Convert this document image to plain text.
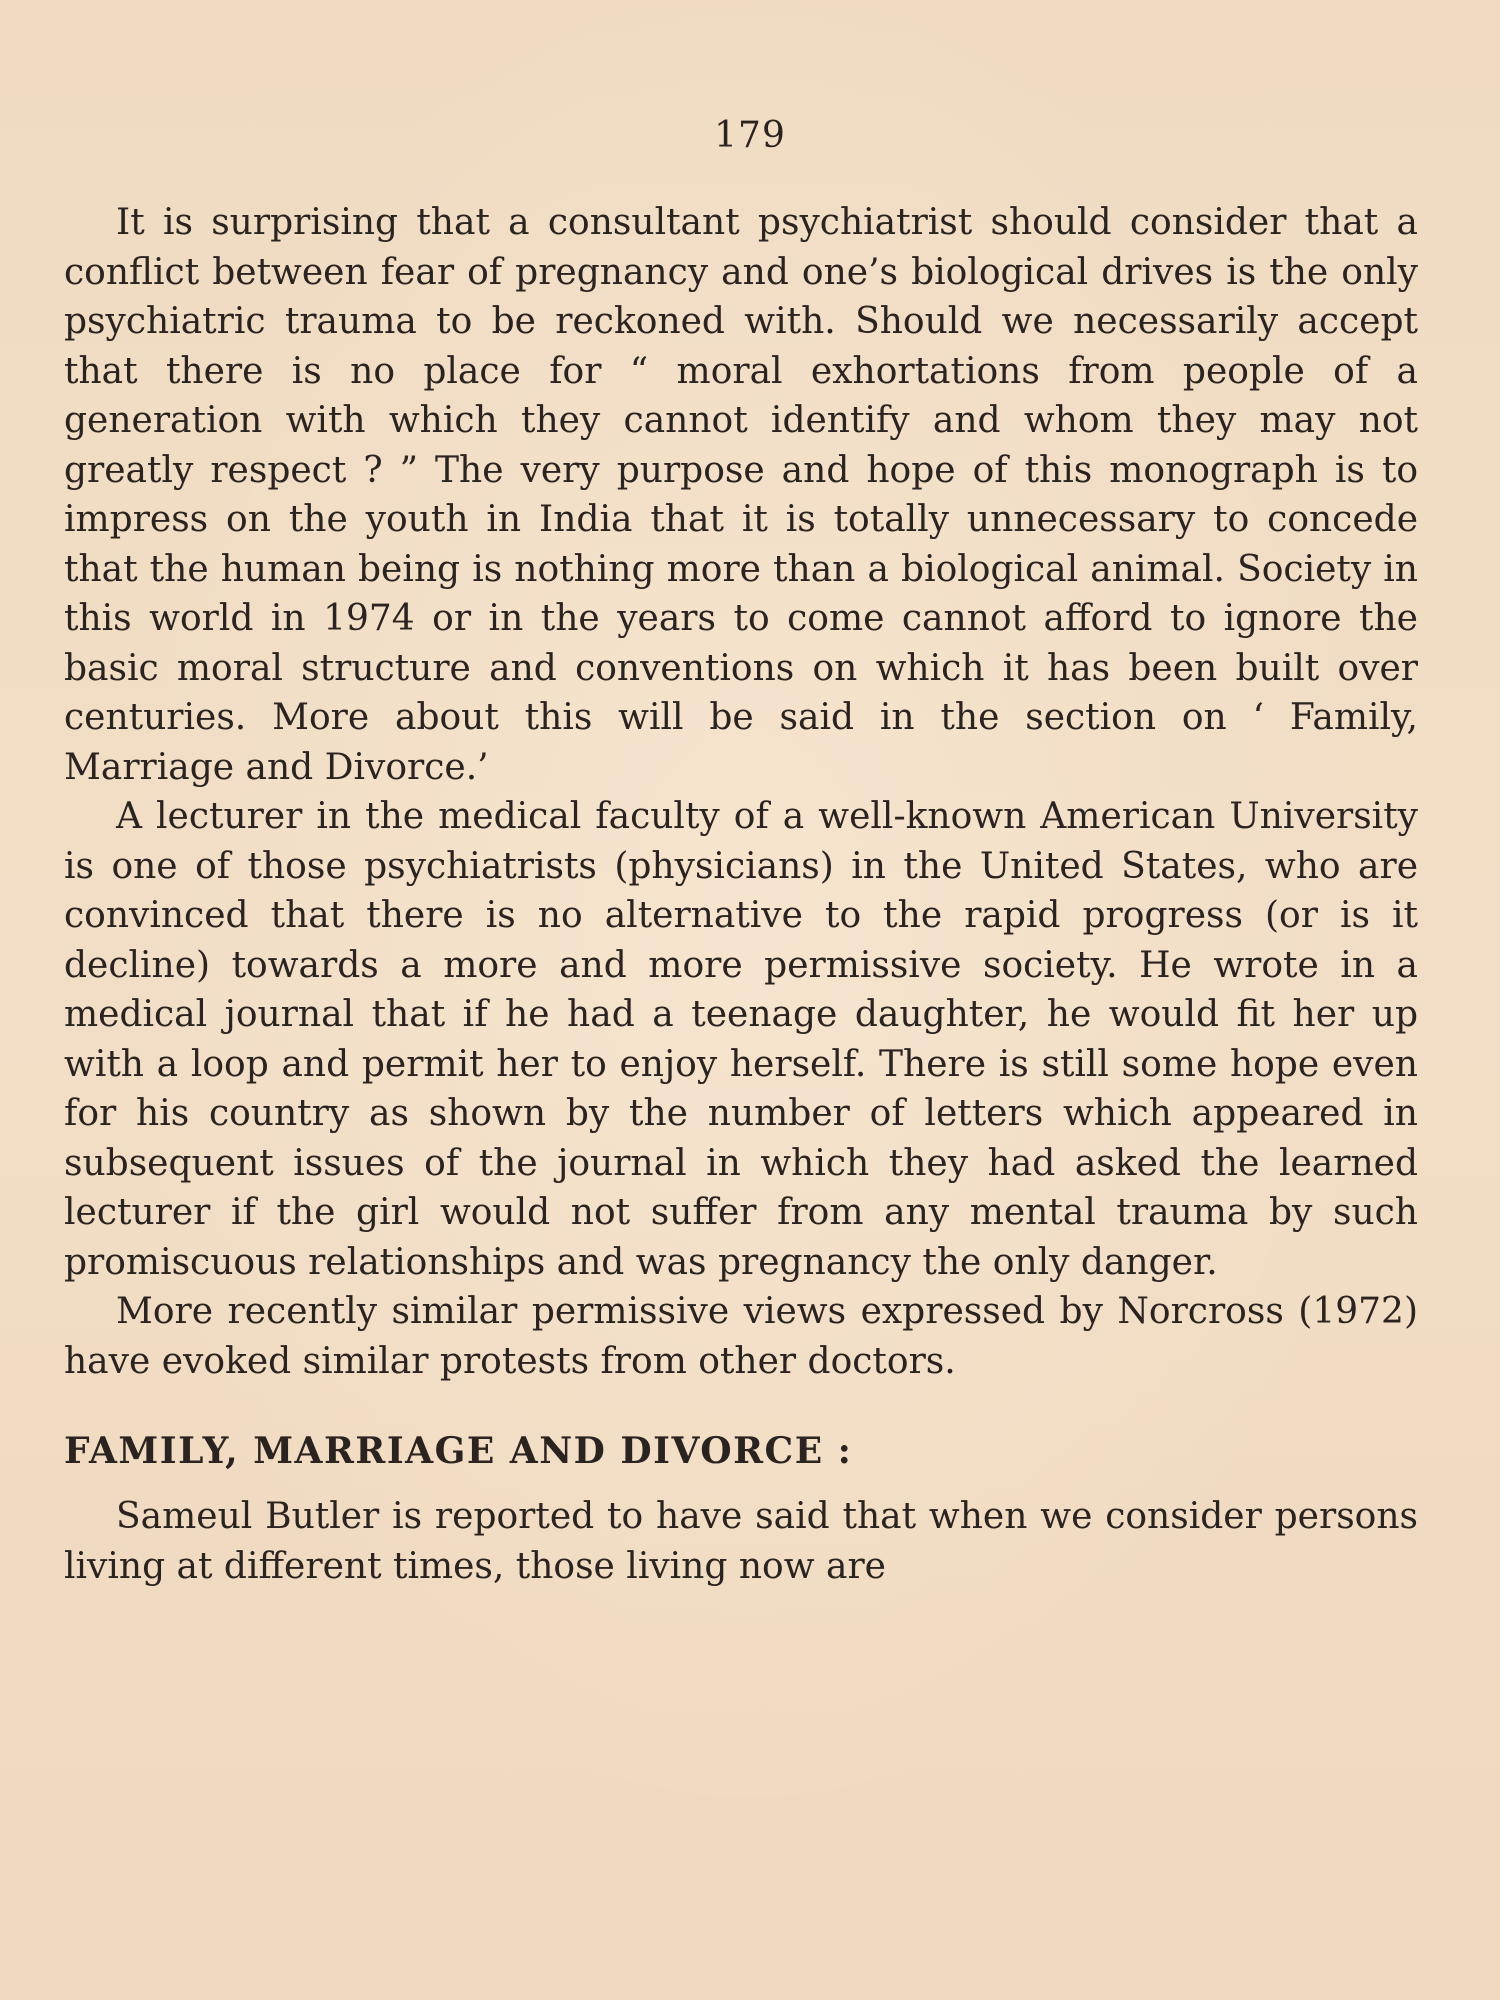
179

It is surprising that a consultant psychiatrist should consider that a conflict between fear of pregnancy and one’s biological drives is the only psychiatric trauma to be reckoned with. Should we necessarily accept that there is no place for “ moral exhortations from people of a generation with which they cannot identify and whom they may not greatly respect ? ” The very purpose and hope of this monograph is to impress on the youth in India that it is totally unnecessary to concede that the human being is nothing more than a biological animal. Society in this world in 1974 or in the years to come cannot afford to ignore the basic moral structure and conventions on which it has been built over centuries. More about this will be said in the section on ‘ Family, Marriage and Divorce.’

A lecturer in the medical faculty of a well-known American University is one of those psychiatrists (physicians) in the United States, who are convinced that there is no alternative to the rapid progress (or is it decline) towards a more and more permissive society. He wrote in a medical journal that if he had a teenage daughter, he would fit her up with a loop and permit her to enjoy herself. There is still some hope even for his country as shown by the number of letters which appeared in subsequent issues of the journal in which they had asked the learned lecturer if the girl would not suffer from any mental trauma by such promiscuous relationships and was pregnancy the only danger.

More recently similar permissive views expressed by Norcross (1972) have evoked similar protests from other doctors.

FAMILY, MARRIAGE AND DIVORCE :

Sameul Butler is reported to have said that when we consider persons living at different times, those living now are
